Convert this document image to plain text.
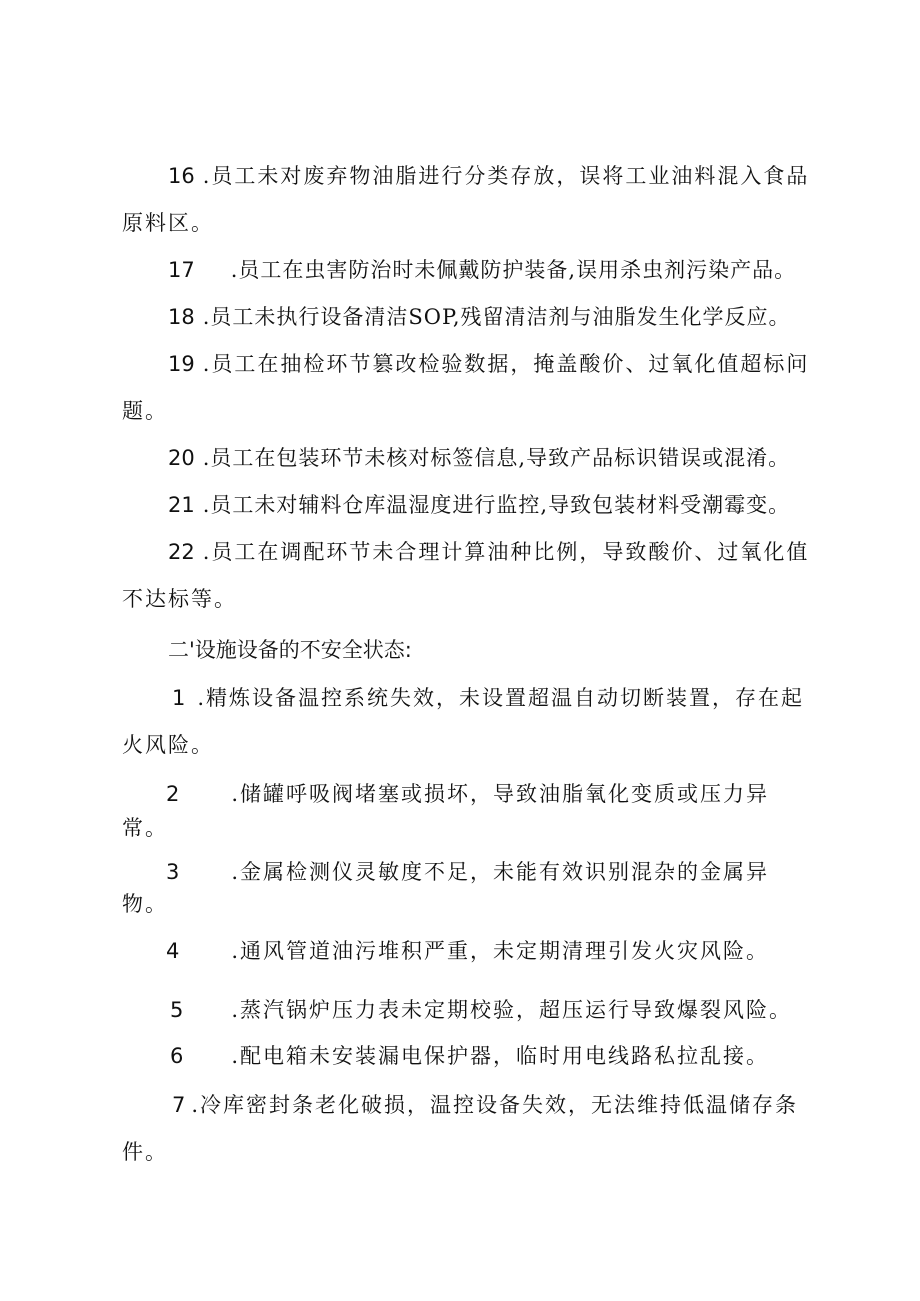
16 .员工未对废弃物油脂进行分类存放，误将工业油料混入食品
原料区。
17 .员工在虫害防治时未佩戴防护装备,误用杀虫剂污染产品。
18 .员工未执行设备清洁SOP,残留清洁剂与油脂发生化学反应。
19 .员工在抽检环节篡改检验数据，掩盖酸价、过氧化值超标问
题。
20 .员工在包装环节未核对标签信息,导致产品标识错误或混淆。
21 .员工未对辅料仓库温湿度进行监控,导致包装材料受潮霉变。
22 .员工在调配环节未合理计算油种比例，导致酸价、过氧化值
不达标等。
二'设施设备的不安全状态:
1 .精炼设备温控系统失效，未设置超温自动切断装置，存在起
火风险。
2 .储罐呼吸阀堵塞或损坏，导致油脂氧化变质或压力异
常。
3 .金属检测仪灵敏度不足，未能有效识别混杂的金属异
物。
4 .通风管道油污堆积严重，未定期清理引发火灾风险。
5 .蒸汽锅炉压力表未定期校验，超压运行导致爆裂风险。
6 .配电箱未安装漏电保护器，临时用电线路私拉乱接。
7 .冷库密封条老化破损，温控设备失效，无法维持低温储存条
件。
